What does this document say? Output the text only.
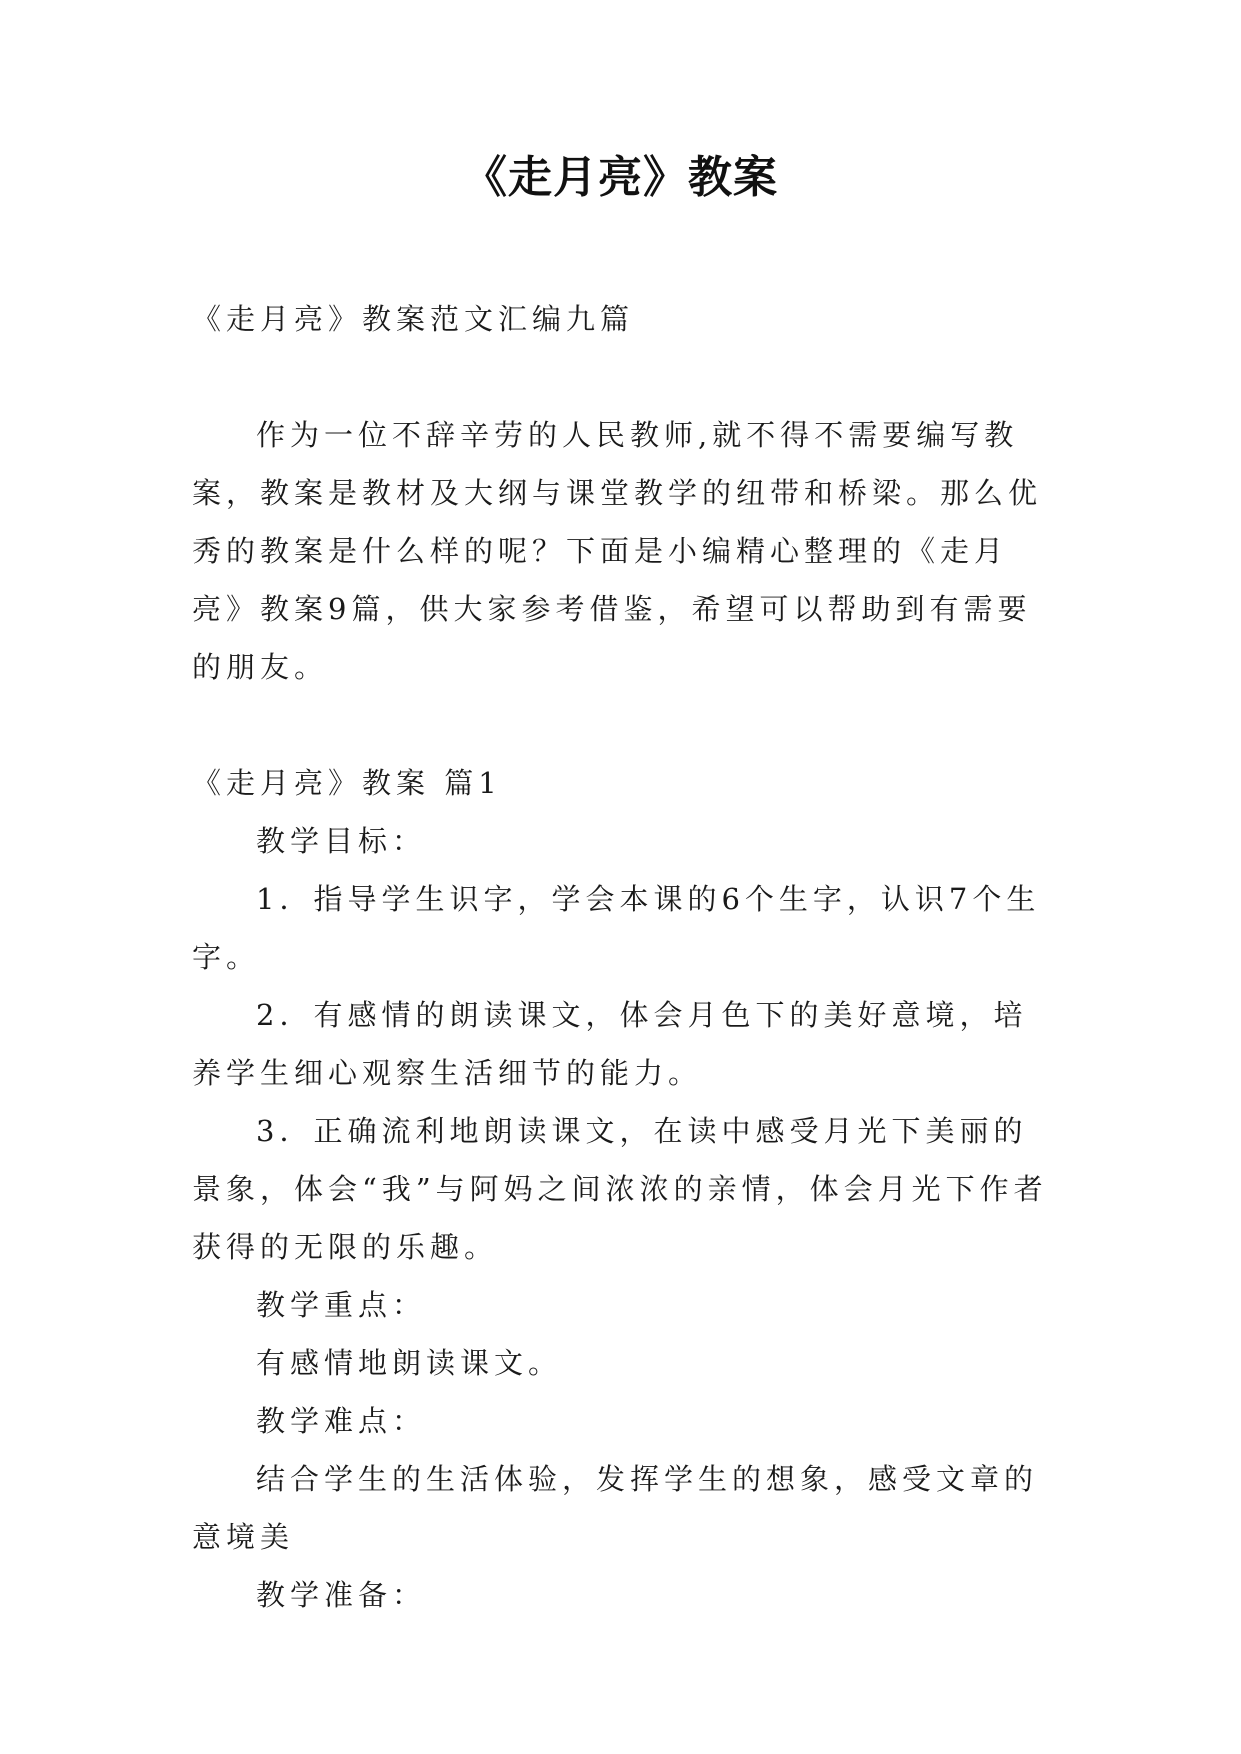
《走月亮》教案

《走月亮》教案范文汇编九篇

作为一位不辞辛劳的人民教师,就不得不需要编写教案，教案是教材及大纲与课堂教学的纽带和桥梁。那么优秀的教案是什么样的呢？下面是小编精心整理的《走月亮》教案9篇，供大家参考借鉴，希望可以帮助到有需要的朋友。

《走月亮》教案 篇1

教学目标：

1．指导学生识字，学会本课的6个生字，认识7个生字。

2．有感情的朗读课文，体会月色下的美好意境，培养学生细心观察生活细节的能力。

3．正确流利地朗读课文，在读中感受月光下美丽的景象，体会“我”与阿妈之间浓浓的亲情，体会月光下作者获得的无限的乐趣。

教学重点：

有感情地朗读课文。

教学难点：

结合学生的生活体验，发挥学生的想象，感受文章的意境美

教学准备：
